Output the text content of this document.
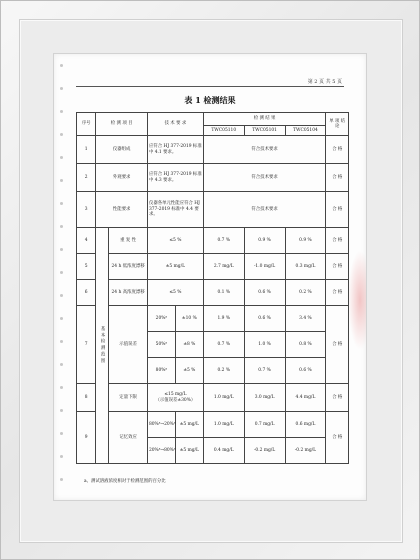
第 2 页 共 5 页
表 1 检测结果
序号	检 测 项 目		技 术 要 求		检 测 结 果			单 项 结 论
					TWC05110	TWC05101	TWC05104	
1	仪器组成		应符合 HJ 377-2019 标准中 4.1 要求。		符合技术要求			合 格
2	外观要求		应符合 HJ 377-2019 标准中 4.3 要求。		符合技术要求			合 格
3	性能要求		仪器各单元性能应符合 HJ 377-2019 标准中 4.4 要求。		符合技术要求			合 格
4	基本检测范围	重 复 性	≤5 %		0.7 %	0.9 %	0.9 %	合 格
5		24 h 低浓度漂移	±5 mg/L		2.7 mg/L	-1.0 mg/L	0.3 mg/L	合 格
6		24 h 高浓度漂移	≤5 %		0.1 %	0.6 %	0.2 %	合 格
7		示值误差	20%ᵃ	±10 %	1.9 %	0.6 %	3.4 %	合 格
			50%ᵃ	±8 %	0.7 %	1.0 %	0.8 %	
			80%ᵃ	±5 %	0.2 %	0.7 %	0.6 %	
8		定量下限	≤15 mg/L
（示值误差±30%）		1.0 mg/L	3.0 mg/L	4.4 mg/L	合 格
9		记忆效应	80%ᵃ→20%ᵃ	±5 mg/L	1.0 mg/L	0.7 mg/L	0.6 mg/L	合 格
			20%ᵃ→80%ᵃ	±5 mg/L	0.4 mg/L	-0.2 mg/L	-0.2 mg/L	
a、测试溶液浓度相对于检测范围的百分比
